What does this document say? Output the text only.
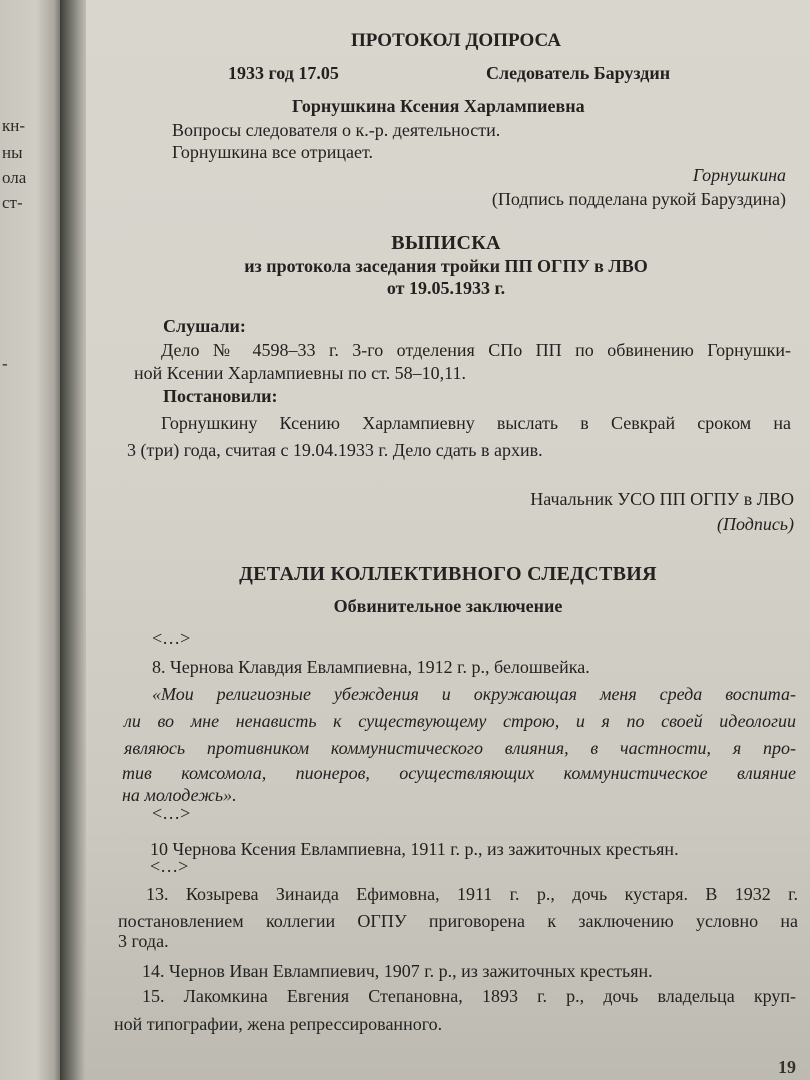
кн-
ны
ола
ст-
-
ПРОТОКОЛ ДОПРОСА
1933 год 17.05	Следователь Баруздин
Горнушкина Ксения Харлампиевна
Вопросы следователя о к.-р. деятельности.
Горнушкина все отрицает.
Горнушкина
(Подпись подделана рукой Баруздина)
ВЫПИСКА
из протокола заседания тройки ПП ОГПУ в ЛВО
от 19.05.1933 г.
Слушали:
Дело № 4598–33 г. 3-го отделения СПо ПП по обвинению Горнушки-
ной Ксении Харлампиевны по ст. 58–10,11.
Постановили:
Горнушкину Ксению Харлампиевну выслать в Севкрай сроком на
3 (три) года, считая с 19.04.1933 г. Дело сдать в архив.
Начальник УСО ПП ОГПУ в ЛВО
(Подпись)
ДЕТАЛИ КОЛЛЕКТИВНОГО СЛЕДСТВИЯ
Обвинительное заключение
<…>
8. Чернова Клавдия Евлампиевна, 1912 г. р., белошвейка.
«Мои религиозные убеждения и окружающая меня среда воспита-
ли во мне ненависть к существующему строю, и я по своей идеологии
являюсь противником коммунистического влияния, в частности, я про-
тив комсомола, пионеров, осуществляющих коммунистическое влияние
на молодежь».
<…>
10 Чернова Ксения Евлампиевна, 1911 г. р., из зажиточных крестьян.
<…>
13. Козырева Зинаида Ефимовна, 1911 г. р., дочь кустаря. В 1932 г.
постановлением коллегии ОГПУ приговорена к заключению условно на
3 года.
14. Чернов Иван Евлампиевич, 1907 г. р., из зажиточных крестьян.
15. Лакомкина Евгения Степановна, 1893 г. р., дочь владельца круп-
ной типографии, жена репрессированного.
19
